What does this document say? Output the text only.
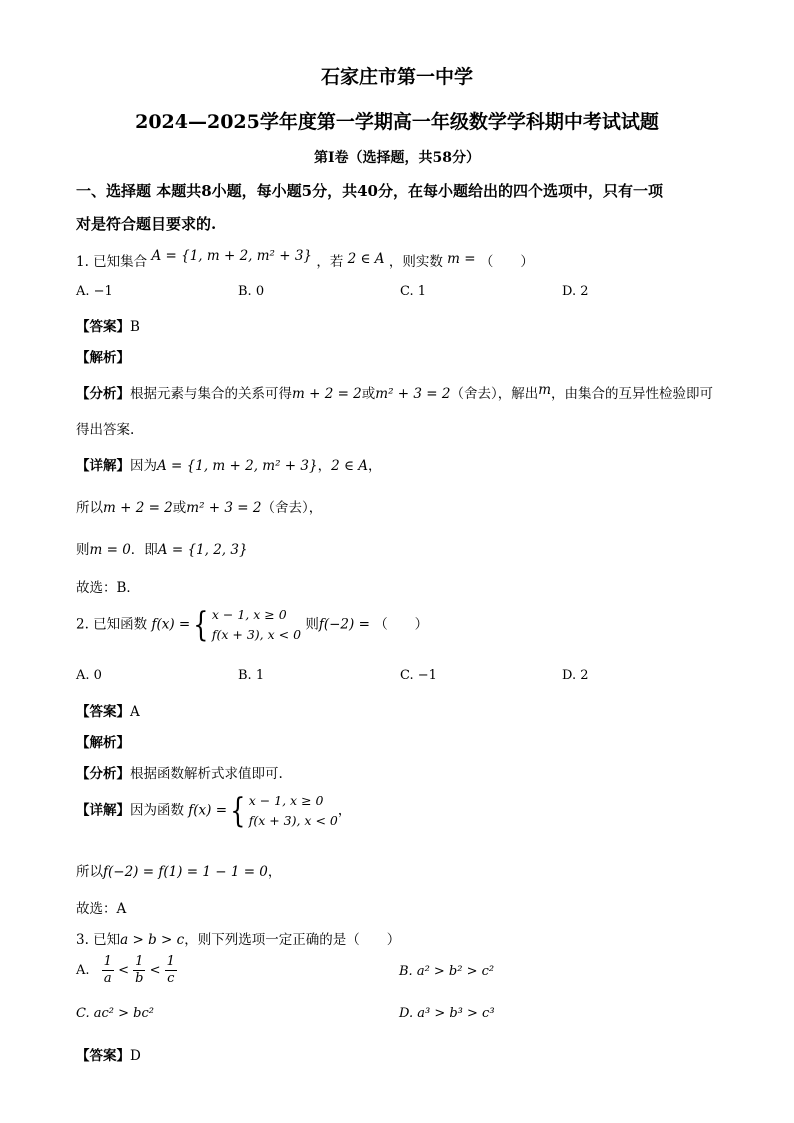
石家庄市第一中学
2024—2025学年度第一学期高一年级数学学科期中考试试题
第Ⅰ卷（选择题，共58分）
一、选择题 本题共8小题，每小题5分，共40分，在每小题给出的四个选项中，只有一项
对是符合题目要求的.
1. 已知集合 A = {1, m + 2, m² + 3} ，若 2 ∈ A ，则实数 m = （　　）
A. −1	B. 0	C. 1	D. 2
【答案】B
【解析】
【分析】根据元素与集合的关系可得m + 2 = 2或m² + 3 = 2（舍去），解出m，由集合的互异性检验即可
得出答案.
【详解】因为A = {1, m + 2, m² + 3}，2 ∈ A，
所以m + 2 = 2或m² + 3 = 2（舍去），
则m = 0．即A = {1, 2, 3}
故选：B．
2. 已知函数 f(x) ={ x − 1, x ≥ 0
f(x + 3), x < 0
则f(−2) = （　　）
A. 0	B. 1	C. −1	D. 2
【答案】A
【解析】
【分析】根据函数解析式求值即可.
【详解】因为函数 f(x) ={ x − 1, x ≥ 0
f(x + 3), x < 0
，
所以f(−2) = f(1) = 1 − 1 = 0，
故选：A
3. 已知a > b > c，则下列选项一定正确的是（　　）
A. $\frac{1}{a} < \frac{1}{b} < \frac{1}{c}$	B. a² > b² > c²
C. ac² > bc²	D. a³ > b³ > c³
【答案】D
